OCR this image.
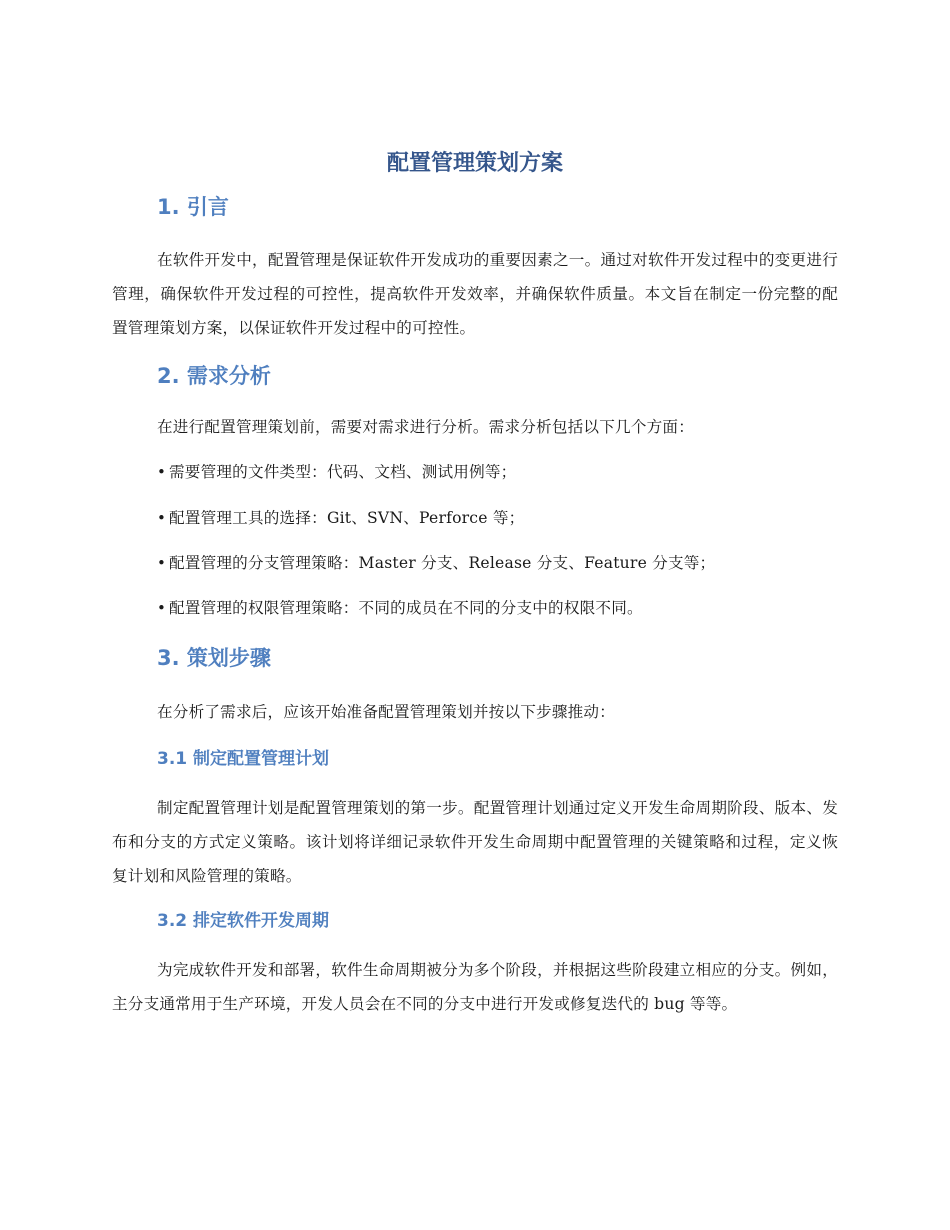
配置管理策划方案
1. 引言

在软件开发中，配置管理是保证软件开发成功的重要因素之一。通过对软件开发过程中的变更进行管理，确保软件开发过程的可控性，提高软件开发效率，并确保软件质量。本文旨在制定一份完整的配置管理策划方案，以保证软件开发过程中的可控性。

2. 需求分析

在进行配置管理策划前，需要对需求进行分析。需求分析包括以下几个方面：

• 需要管理的文件类型：代码、文档、测试用例等；

• 配置管理工具的选择：Git、SVN、Perforce 等；

• 配置管理的分支管理策略：Master 分支、Release 分支、Feature 分支等；

• 配置管理的权限管理策略：不同的成员在不同的分支中的权限不同。

3. 策划步骤

在分析了需求后，应该开始准备配置管理策划并按以下步骤推动：

3.1 制定配置管理计划

制定配置管理计划是配置管理策划的第一步。配置管理计划通过定义开发生命周期阶段、版本、发布和分支的方式定义策略。该计划将详细记录软件开发生命周期中配置管理的关键策略和过程，定义恢复计划和风险管理的策略。

3.2 排定软件开发周期

为完成软件开发和部署，软件生命周期被分为多个阶段，并根据这些阶段建立相应的分支。例如，主分支通常用于生产环境，开发人员会在不同的分支中进行开发或修复迭代的 bug 等等。
